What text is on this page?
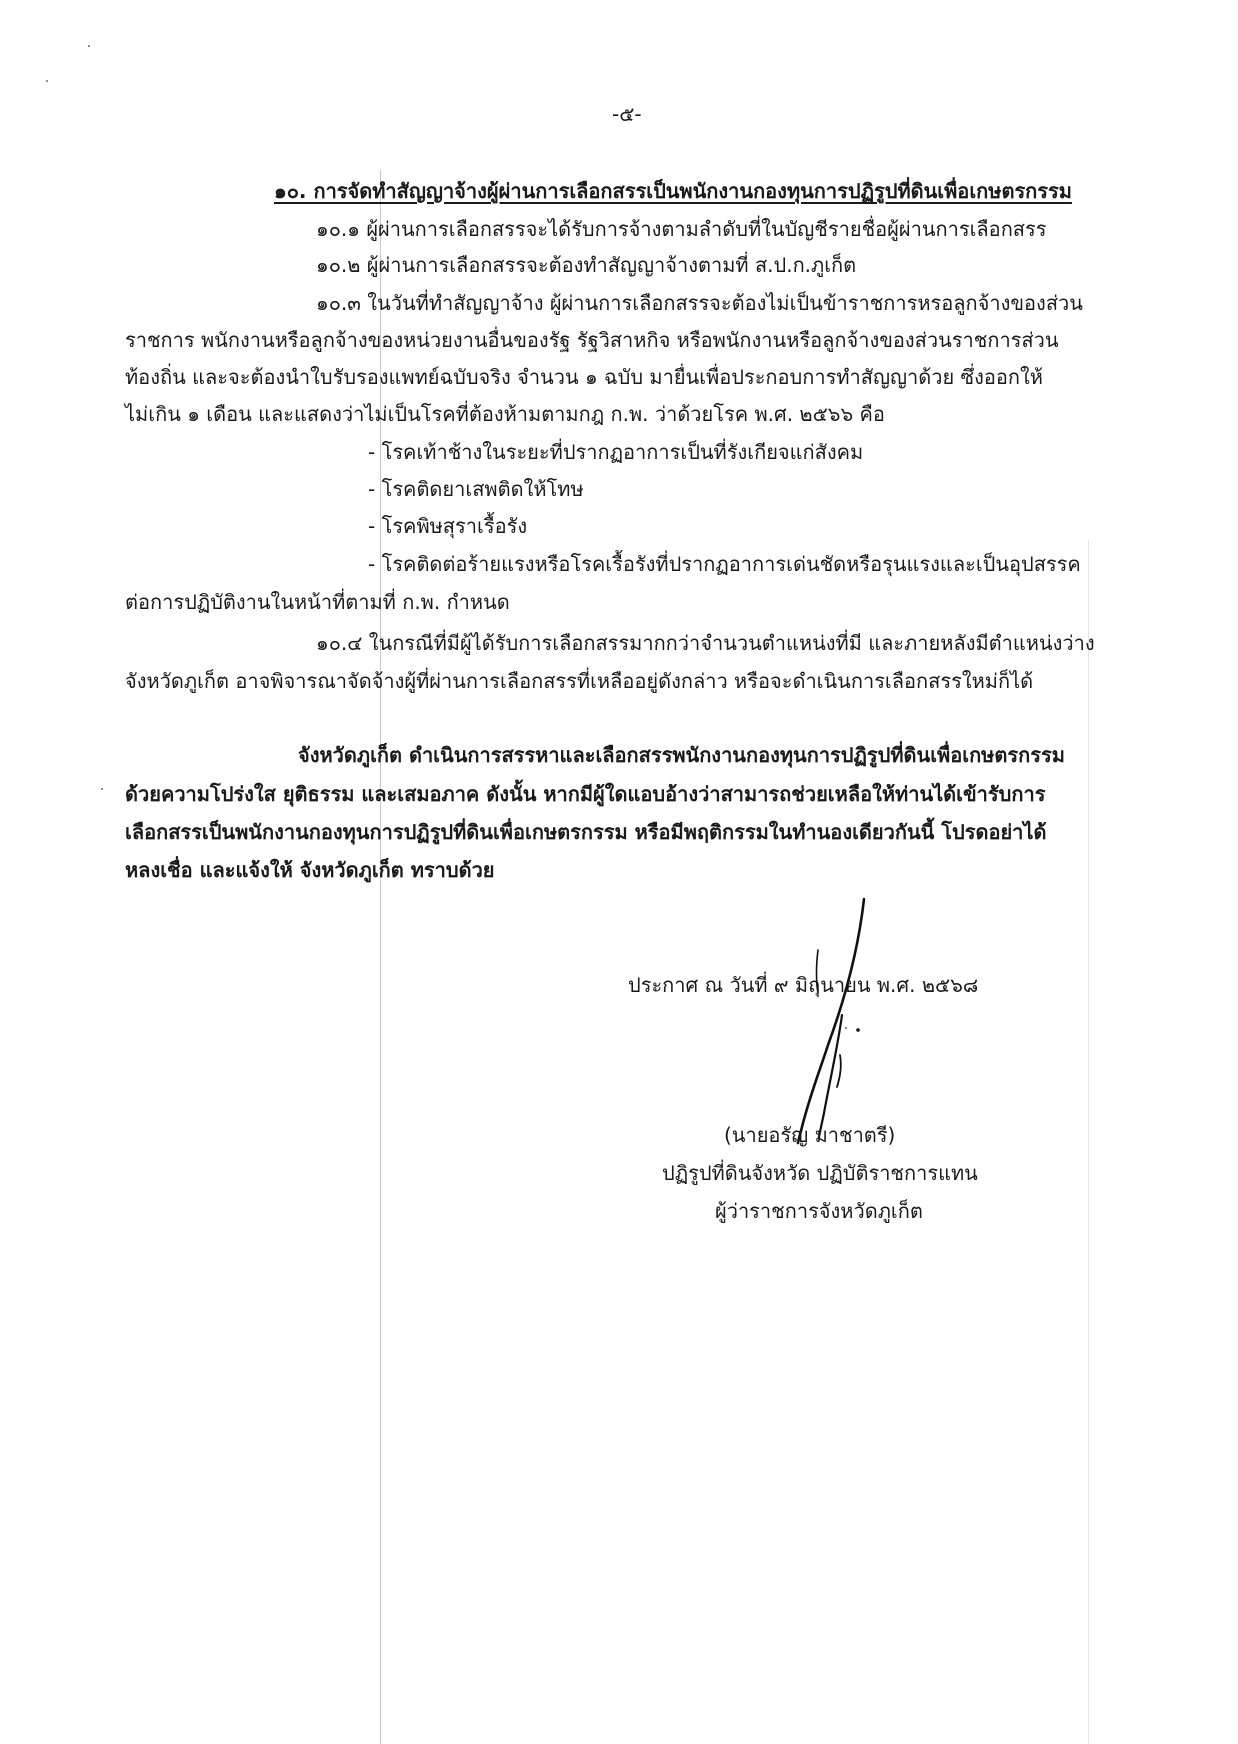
-๕-
๑๐. การจัดทำสัญญาจ้างผู้ผ่านการเลือกสรรเป็นพนักงานกองทุนการปฏิรูปที่ดินเพื่อเกษตรกรรม
๑๐.๑ ผู้ผ่านการเลือกสรรจะได้รับการจ้างตามลำดับที่ในบัญชีรายชื่อผู้ผ่านการเลือกสรร
๑๐.๒ ผู้ผ่านการเลือกสรรจะต้องทำสัญญาจ้างตามที่ ส.ป.ก.ภูเก็ต
๑๐.๓ ในวันที่ทำสัญญาจ้าง ผู้ผ่านการเลือกสรรจะต้องไม่เป็นข้าราชการหรอลูกจ้างของส่วน
ราชการ พนักงานหรือลูกจ้างของหน่วยงานอื่นของรัฐ รัฐวิสาหกิจ หรือพนักงานหรือลูกจ้างของส่วนราชการส่วน
ท้องถิ่น และจะต้องนำใบรับรองแพทย์ฉบับจริง จำนวน ๑ ฉบับ มายื่นเพื่อประกอบการทำสัญญาด้วย ซึ่งออกให้
ไม่เกิน ๑ เดือน และแสดงว่าไม่เป็นโรคที่ต้องห้ามตามกฎ ก.พ. ว่าด้วยโรค พ.ศ. ๒๕๖๖ คือ
- โรคเท้าช้างในระยะที่ปรากฏอาการเป็นที่รังเกียจแก่สังคม
- โรคติดยาเสพติดให้โทษ
- โรคพิษสุราเรื้อรัง
- โรคติดต่อร้ายแรงหรือโรคเรื้อรังที่ปรากฏอาการเด่นชัดหรือรุนแรงและเป็นอุปสรรค
ต่อการปฏิบัติงานในหน้าที่ตามที่ ก.พ. กำหนด
๑๐.๔ ในกรณีที่มีผู้ได้รับการเลือกสรรมากกว่าจำนวนตำแหน่งที่มี และภายหลังมีตำแหน่งว่าง
จังหวัดภูเก็ต อาจพิจารณาจัดจ้างผู้ที่ผ่านการเลือกสรรที่เหลืออยู่ดังกล่าว หรือจะดำเนินการเลือกสรรใหม่ก็ได้
จังหวัดภูเก็ต ดำเนินการสรรหาและเลือกสรรพนักงานกองทุนการปฏิรูปที่ดินเพื่อเกษตรกรรม
ด้วยความโปร่งใส ยุติธรรม และเสมอภาค ดังนั้น หากมีผู้ใดแอบอ้างว่าสามารถช่วยเหลือให้ท่านได้เข้ารับการ
เลือกสรรเป็นพนักงานกองทุนการปฏิรูปที่ดินเพื่อเกษตรกรรม หรือมีพฤติกรรมในทำนองเดียวกันนี้ โปรดอย่าได้
หลงเชื่อ และแจ้งให้ จังหวัดภูเก็ต ทราบด้วย
ประกาศ ณ วันที่ ๙ มิถุนายน พ.ศ. ๒๕๖๘
(นายอรัญ มาชาตรี)
ปฏิรูปที่ดินจังหวัด ปฏิบัติราชการแทน
ผู้ว่าราชการจังหวัดภูเก็ต
